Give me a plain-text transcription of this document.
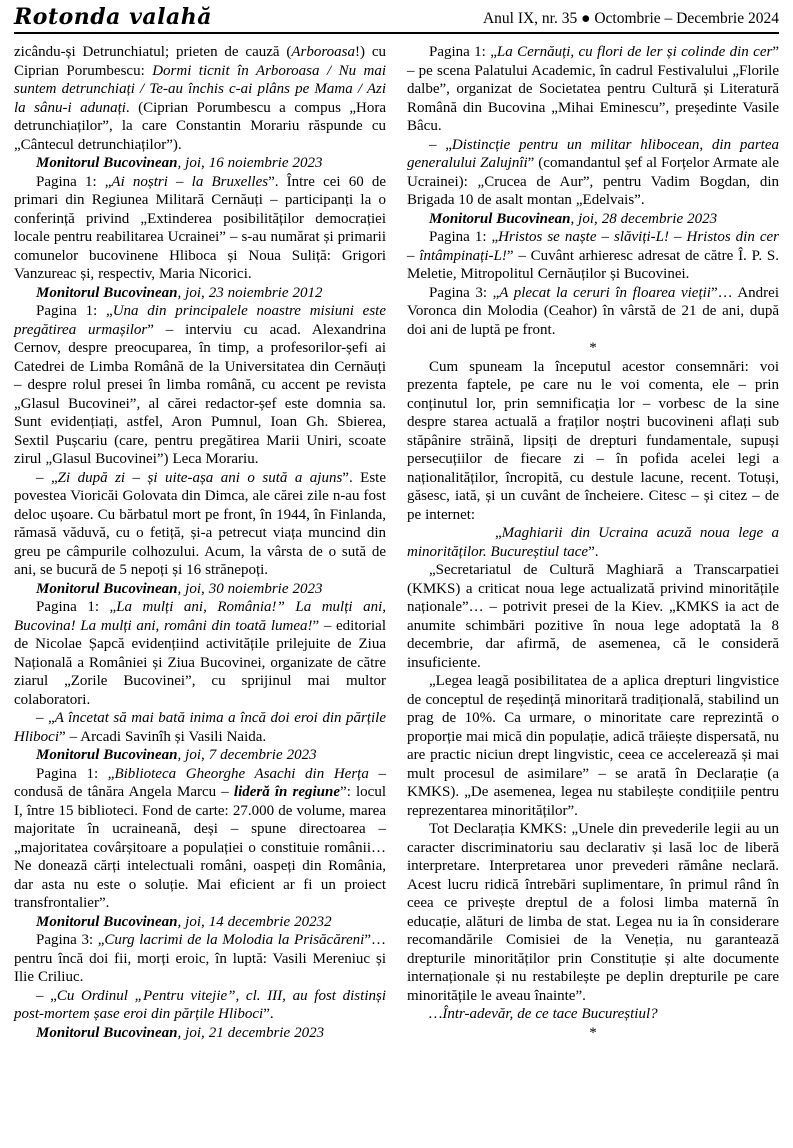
Rotonda valahă	Anul IX, nr. 35 ● Octombrie – Decembrie 2024

zicându-și Detrunchiatul; prieten de cauză (Arboroasa!) cu Ciprian Porumbescu: Dormi ticnit în Arboroasa / Nu mai suntem detrunchiați / Te-au închis c-ai plâns pe Mama / Azi la sânu-i adunați. (Ciprian Porumbescu a compus „Hora detrunchiaților”, la care Constantin Morariu răspunde cu „Cântecul detrunchiaților”).

Monitorul Bucovinean, joi, 16 noiembrie 2023

Pagina 1: „Ai noștri – la Bruxelles”. Între cei 60 de primari din Regiunea Militară Cernăuți – participanți la o conferință privind „Extinderea posibilităților democrației locale pentru reabilitarea Ucrainei” – s-au numărat și primarii comunelor bucovinene Hliboca și Noua Suliță: Grigori Vanzureac și, respectiv, Maria Nicorici.

Monitorul Bucovinean, joi, 23 noiembrie 2012

Pagina 1: „Una din principalele noastre misiuni este pregătirea urmașilor” – interviu cu acad. Alexandrina Cernov, despre preocuparea, în timp, a profesorilor-șefi ai Catedrei de Limba Română de la Universitatea din Cernăuți – despre rolul presei în limba română, cu accent pe revista „Glasul Bucovinei”, al cărei redactor-șef este domnia sa. Sunt evidențiați, astfel, Aron Pumnul, Ioan Gh. Sbierea, Sextil Pușcariu (care, pentru pregătirea Marii Uniri, scoate zirul „Glasul Bucovinei”) Leca Morariu.

– „Zi după zi – și uite-așa ani o sută a ajuns”. Este povestea Vioricăi Golovata din Dimca, ale cărei zile n-au fost deloc ușoare. Cu bărbatul mort pe front, în 1944, în Finlanda, rămasă văduvă, cu o fetiță, și-a petrecut viața muncind din greu pe câmpurile colhozului. Acum, la vârsta de o sută de ani, se bucură de 5 nepoți și 16 strănepoți.

Monitorul Bucovinean, joi, 30 noiembrie 2023

Pagina 1: „La mulți ani, România!” La mulți ani, Bucovina! La mulți ani, români din toată lumea!” – editorial de Nicolae Șapcă evidențiind activitățile prilejuite de Ziua Națională a României și Ziua Bucovinei, organizate de către ziarul „Zorile Bucovinei”, cu sprijinul mai multor colaboratori.

– „A încetat să mai bată inima a încă doi eroi din părțile Hliboci” – Arcadi Savinîh și Vasili Naida.

Monitorul Bucovinean, joi, 7 decembrie 2023

Pagina 1: „Biblioteca Gheorghe Asachi din Herța – condusă de tânăra Angela Marcu – lideră în regiune”: locul I, între 15 biblioteci. Fond de carte: 27.000 de volume, marea majoritate în ucraineană, deși – spune directoarea – „majoritatea covârșitoare a populației o constituie românii… Ne donează cărți intelectuali români, oaspeți din România, dar asta nu este o soluție. Mai eficient ar fi un proiect transfrontalier”.

Monitorul Bucovinean, joi, 14 decembrie 20232

Pagina 3: „Curg lacrimi de la Molodia la Prisăcăreni”… pentru încă doi fii, morți eroic, în luptă: Vasili Mereniuc și Ilie Criliuc.

– „Cu Ordinul „Pentru vitejie”, cl. III, au fost distinși post-mortem șase eroi din părțile Hliboci”.

Monitorul Bucovinean, joi, 21 decembrie 2023

Pagina 1: „La Cernăuți, cu flori de ler și colinde din cer” – pe scena Palatului Academic, în cadrul Festivalului „Florile dalbe”, organizat de Societatea pentru Cultură și Literatură Română din Bucovina „Mihai Eminescu”, președinte Vasile Bâcu.

– „Distincție pentru un militar hlibocean, din partea generalului Zalujnîi” (comandantul șef al Forțelor Armate ale Ucrainei): „Crucea de Aur”, pentru Vadim Bogdan, din Brigada 10 de asalt montan „Edelvais”.

Monitorul Bucovinean, joi, 28 decembrie 2023

Pagina 1: „Hristos se naște – slăviți-L! – Hristos din cer – întâmpinați-L!” – Cuvânt arhieresc adresat de către Î. P. S. Meletie, Mitropolitul Cernăuților și Bucovinei.

Pagina 3: „A plecat la ceruri în floarea vieții”… Andrei Voronca din Molodia (Ceahor) în vârstă de 21 de ani, după doi ani de luptă pe front.

*

Cum spuneam la începutul acestor consemnări: voi prezenta faptele, pe care nu le voi comenta, ele – prin conținutul lor, prin semnificația lor – vorbesc de la sine despre starea actuală a fraților noștri bucovineni aflați sub stăpânire străină, lipsiți de drepturi fundamentale, supuși persecuțiilor de fiecare zi – în pofida acelei legi a naționalităților, încropită, cu destule lacune, recent. Totuși, găsesc, iată, și un cuvânt de încheiere. Citesc – și citez – de pe internet:

„Maghiarii din Ucraina acuză noua lege a minorităților. Bucureștiul tace”.

„Secretariatul de Cultură Maghiară a Transcarpatiei (KMKS) a criticat noua lege actualizată privind minoritățile naționale”… – potrivit presei de la Kiev. „KMKS ia act de anumite schimbări pozitive în noua lege adoptată la 8 decembrie, dar afirmă, de asemenea, că le consideră insuficiente.

„Legea leagă posibilitatea de a aplica drepturi lingvistice de conceptul de reședință minoritară tradițională, stabilind un prag de 10%. Ca urmare, o minoritate care reprezintă o proporție mai mică din populație, adică trăiește dispersată, nu are practic niciun drept lingvistic, ceea ce accelerează și mai mult procesul de asimilare” – se arată în Declarație (a KMKS). „De asemenea, legea nu stabilește condițiile pentru reprezentarea minorităților”.

Tot Declarația KMKS: „Unele din prevederile legii au un caracter discriminatoriu sau declarativ și lasă loc de liberă interpretare. Interpretarea unor prevederi rămâne neclară. Acest lucru ridică întrebări suplimentare, în primul rând în ceea ce privește dreptul de a folosi limba maternă în educație, alături de limba de stat. Legea nu ia în considerare recomandările Comisiei de la Veneția, nu garantează drepturile minorităților prin Constituție și alte documente internaționale și nu restabilește pe deplin drepturile pe care minoritățile le aveau înainte”.

…Într-adevăr, de ce tace Bucureștiul?

*
